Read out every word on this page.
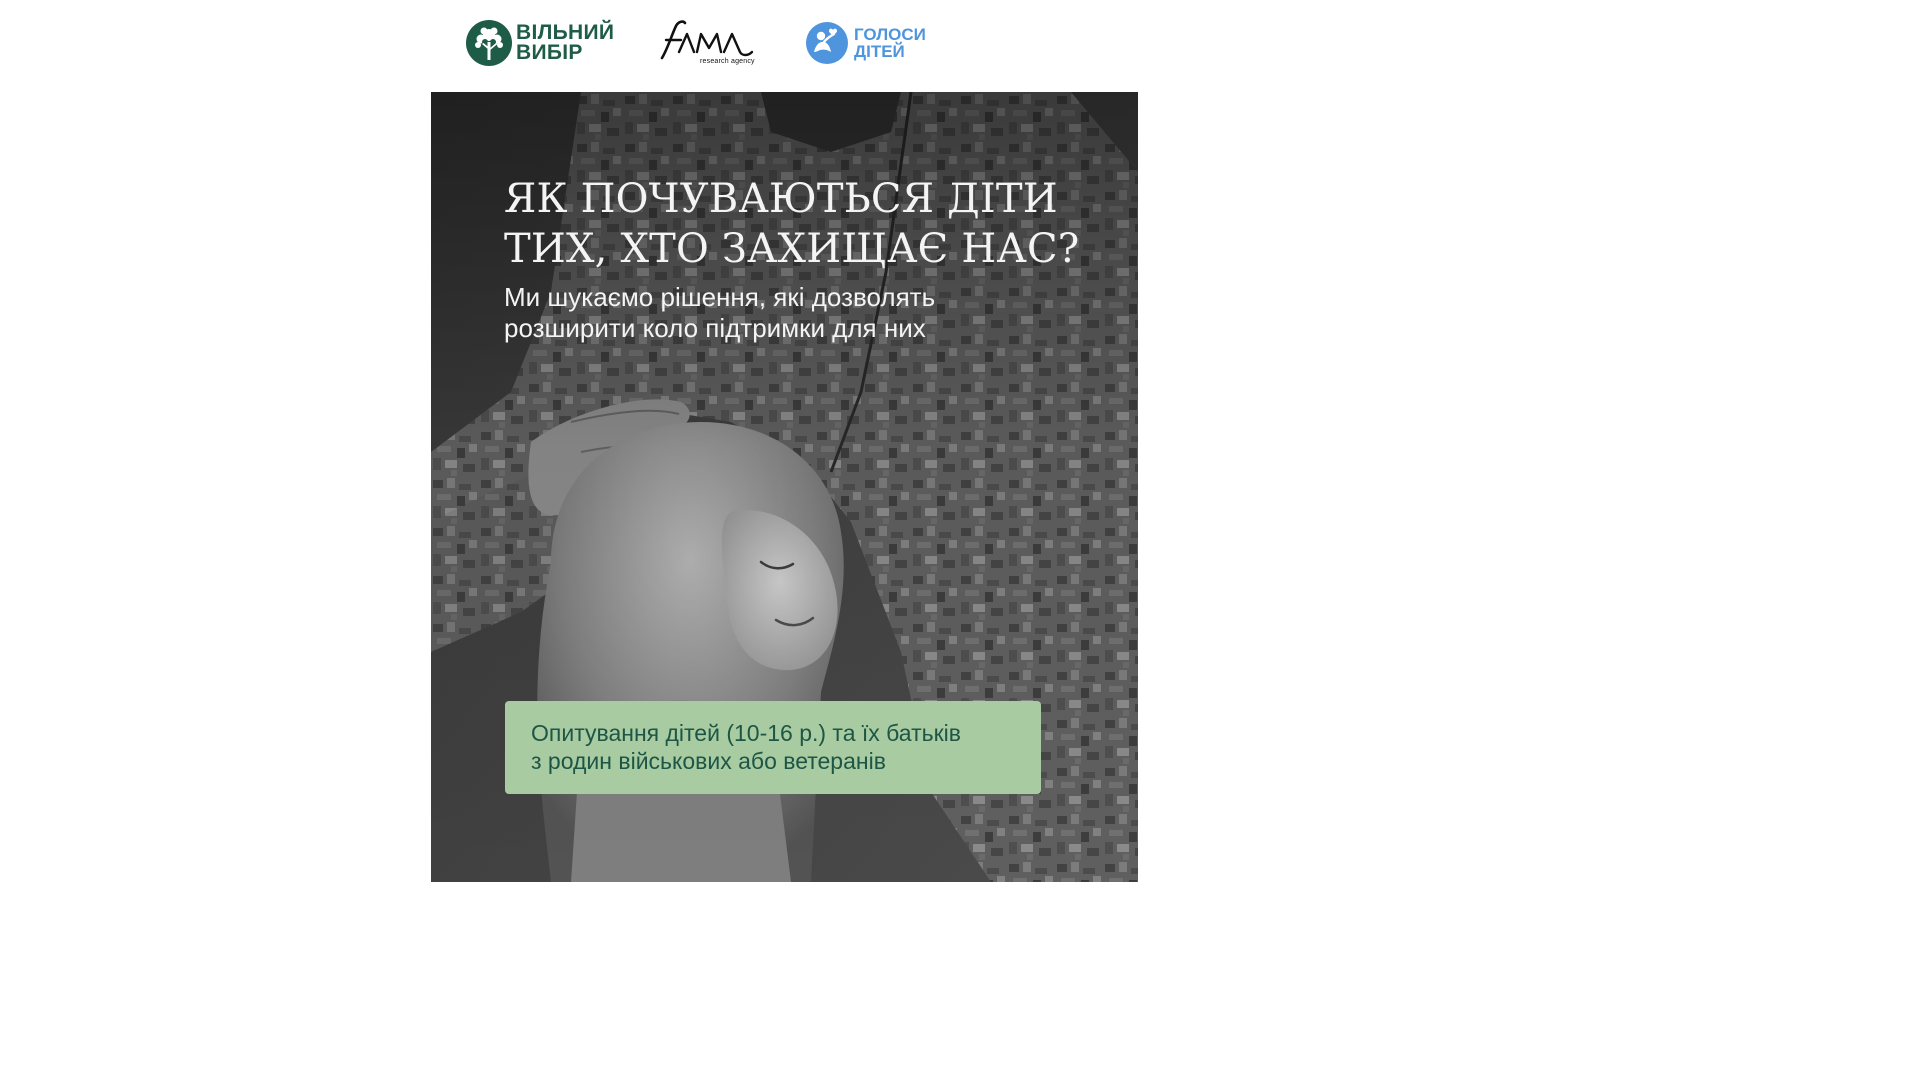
ВІЛЬНИЙ
ВИБІР	research agency
ГОЛОСИ
ДІТЕЙ
ЯК ПОЧУВАЮТЬСЯ ДІТИ
ТИХ, ХТО ЗАХИЩАЄ НАС?

Ми шукаємо рішення, які дозволять
розширити коло підтримки для них

Опитування дітей (10-16 р.) та їх батьків
з родин військових або ветеранів
